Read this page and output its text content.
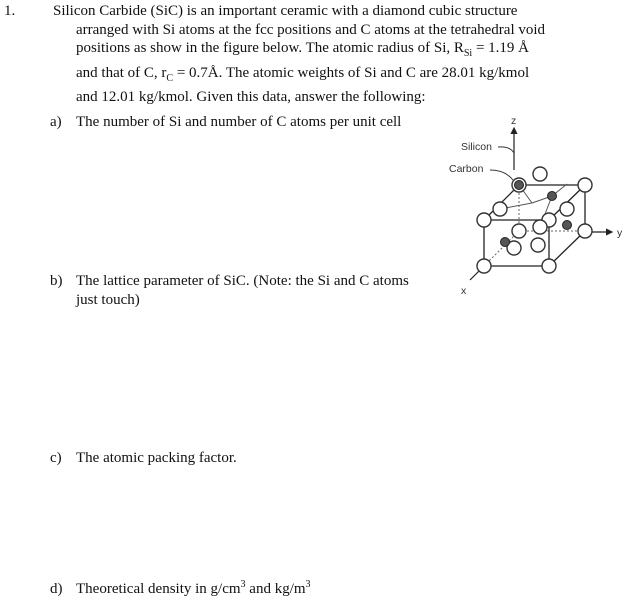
1.	Silicon Carbide (SiC) is an important ceramic with a diamond cubic structure
arranged with Si atoms at the fcc positions and C atoms at the tetrahedral void
positions as show in the figure below. The atomic radius of Si, $R_{Si} = 1.19$ Å
and that of C, $r_C$ = 0.7Å. The atomic weights of Si and C are 28.01 kg/kmol
and 12.01 kg/kmol. Given this data, answer the following:
a) The number of Si and number of C atoms per unit cell
b) The lattice parameter of SiC. (Note: the Si and C atoms
just touch)
c) The atomic packing factor.
d) Theoretical density in $g/cm^3$ and $kg/m^3$
Silicon
Carbon
z
y
x
